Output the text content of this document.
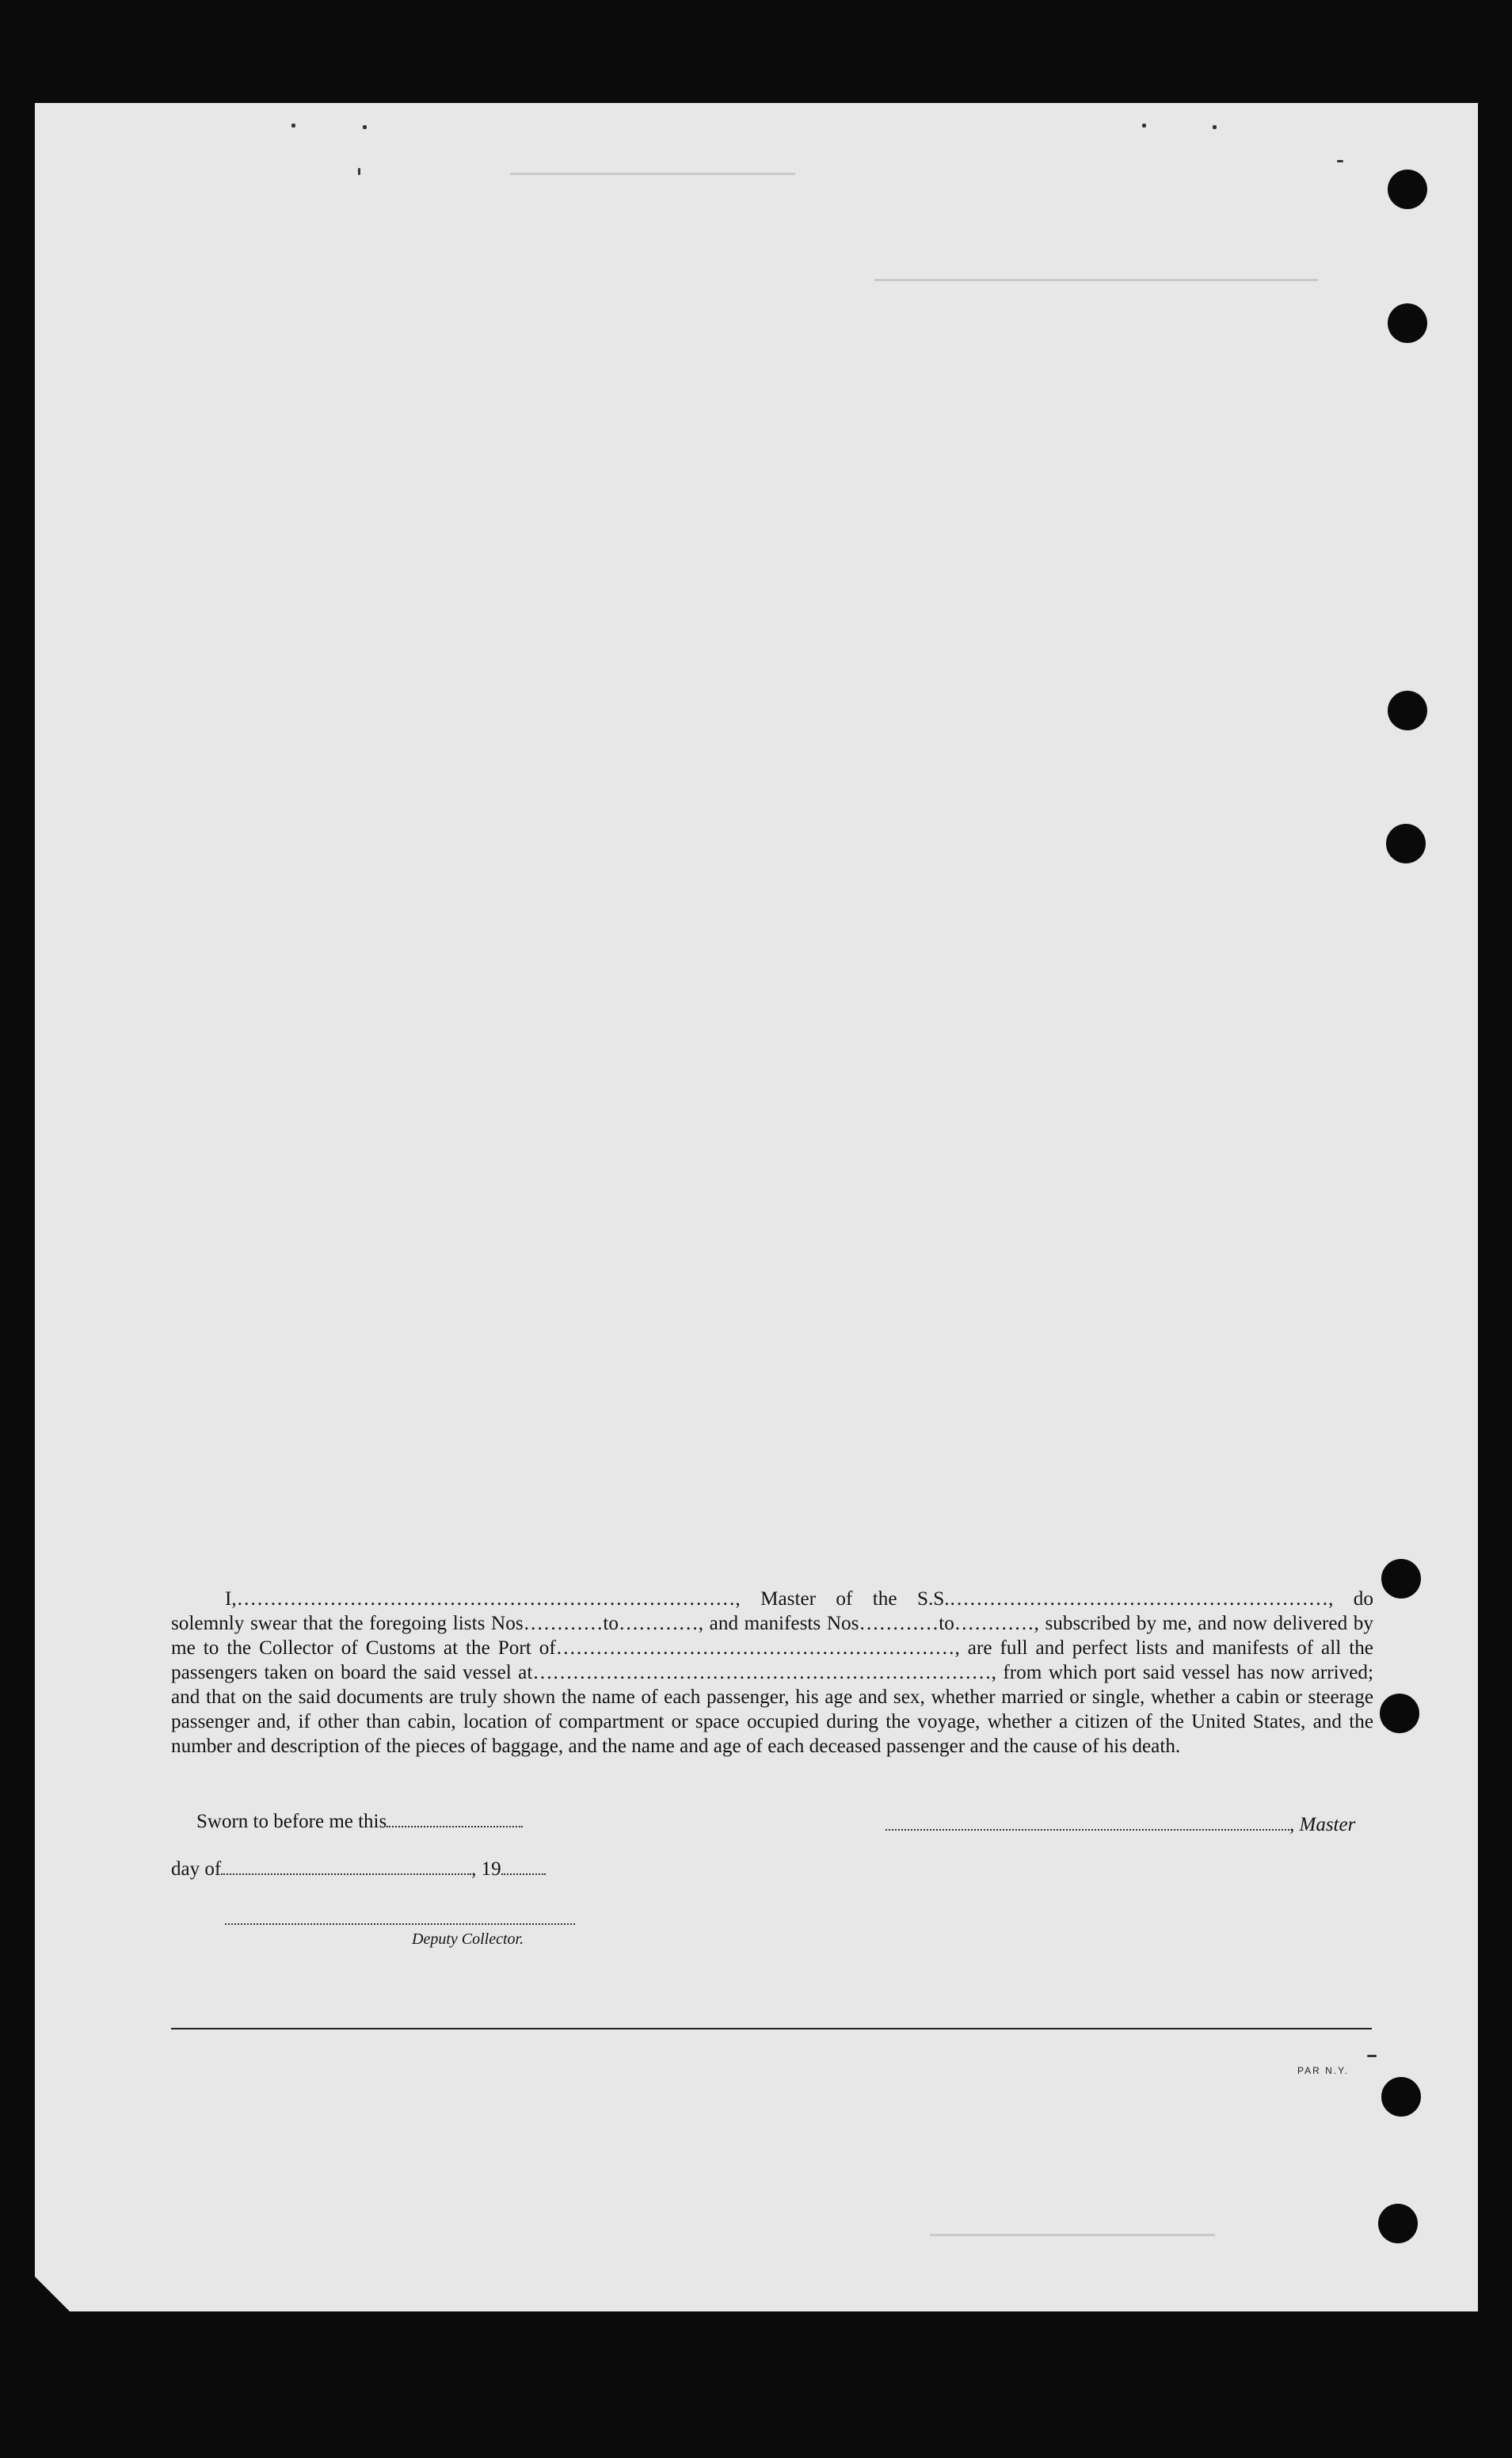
I,…………………………………………………………………, Master of the S.S.…………………………………………………, do solemnly swear that the foregoing lists Nos…………to…………, and manifests Nos…………to…………, subscribed by me, and now delivered by me to the Collector of Customs at the Port of……………………………………………………, are full and perfect lists and manifests of all the passengers taken on board the said vessel at……………………………………………………………, from which port said vessel has now arrived; and that on the said documents are truly shown the name of each passenger, his age and sex, whether married or single, whether a cabin or steerage passenger and, if other than cabin, location of compartment or space occupied during the voyage, whether a citizen of the United States, and the number and description of the pieces of baggage, and the name and age of each deceased passenger and the cause of his death.
Sworn to before me this	, Master
day of	, 19
Deputy Collector.
PAR N.Y.
